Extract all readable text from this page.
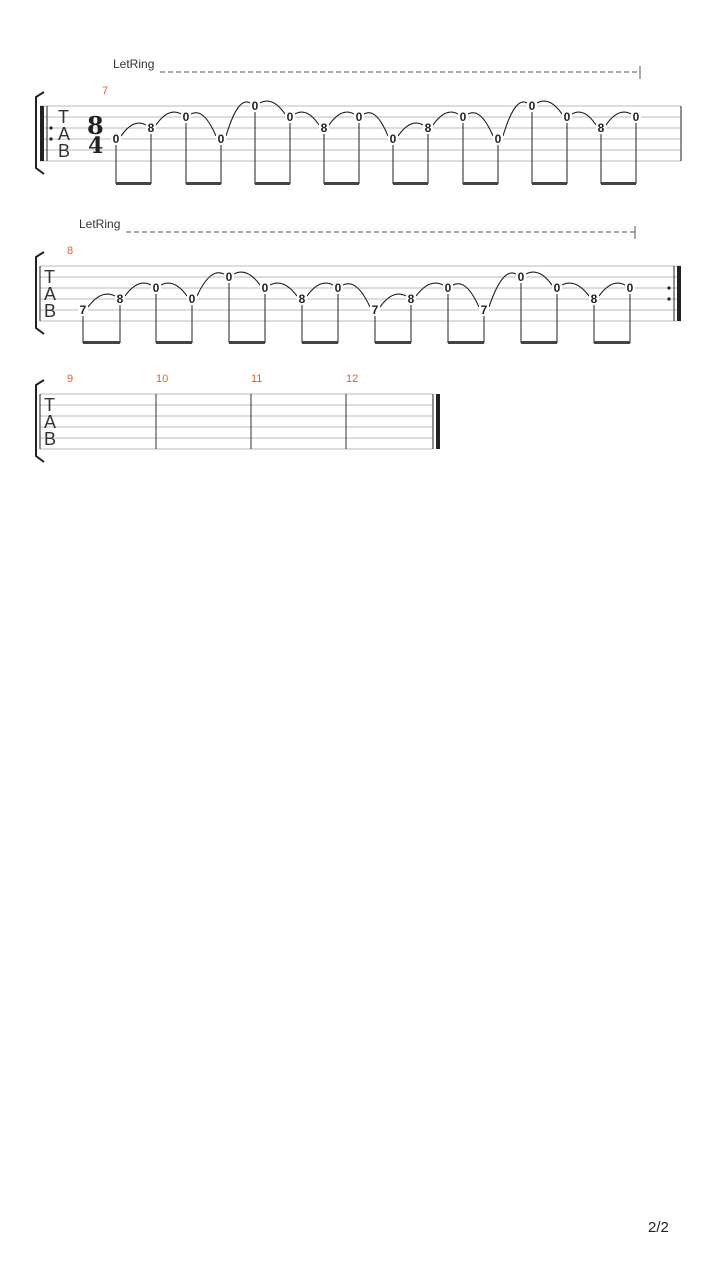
LetRing
7
T
A
B
8
4 0
8
0
0
0
0
8
0
0
8
0
0
0
0
8
0
LetRing
8
T
A
B 7
8
0
0
0
0
8
0
7
8
0
7
0
0
8
0
9	10	11	12
T
A
B
2/2
